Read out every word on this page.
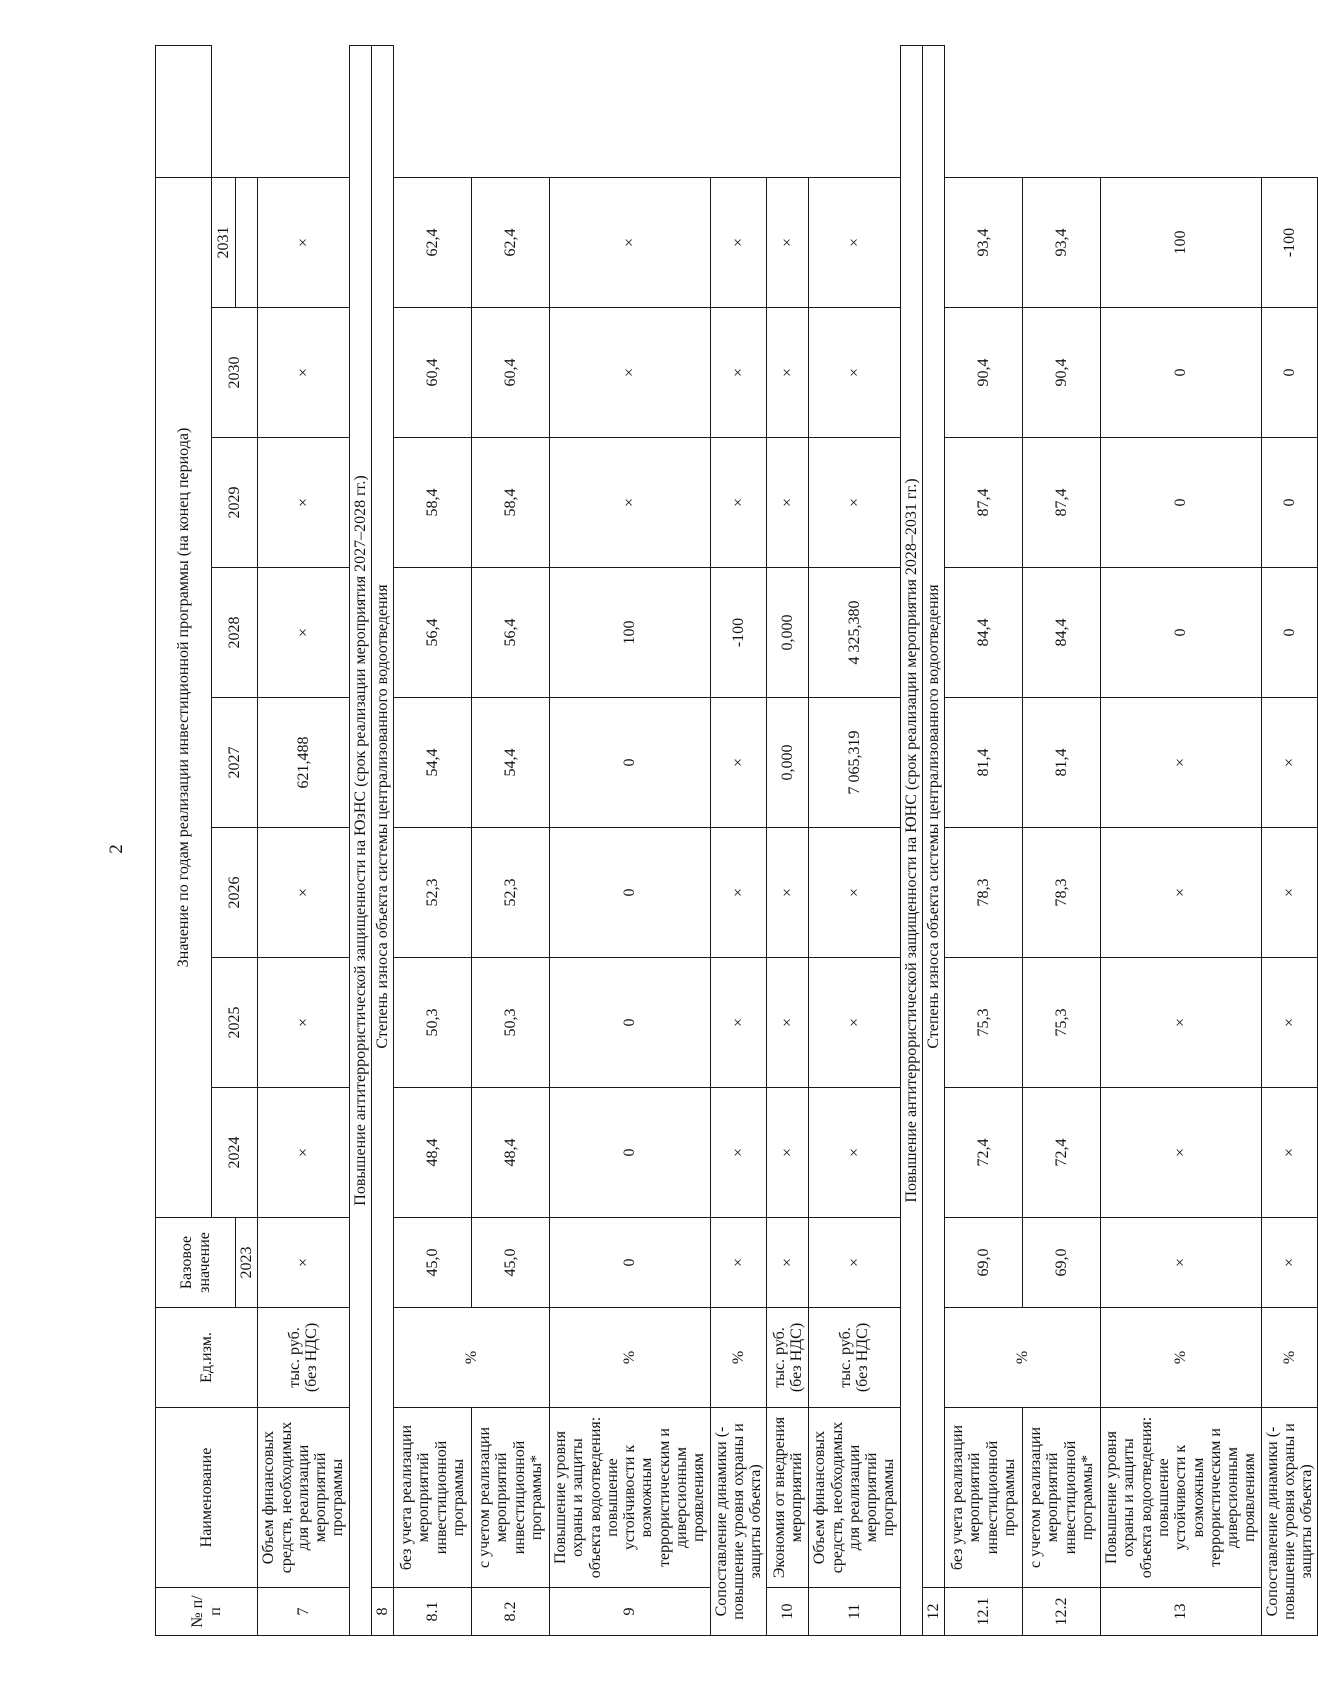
2
№ п/п	Наименование	Ед.изм.	Базовое значение	Значение по годам реализации инвестиционной программы (на конец периода)								
				2024	2025	2026	2027	2028	2029	2030	2031	
			2023									
7	Объем финансовых средств, необходимых для реализации мероприятий программы	тыс. руб. (без НДС)	×	×	×	×	621,488	×	×	×	×	
Повышение антитеррористической защищенности на ЮзНС (срок реализации мероприятия 2027–2028 гг.)												
8	Степень износа объекта системы централизованного водоотведения											
8.1	без учета реализации мероприятий инвестиционной программы	%	45,0	48,4	50,3	52,3	54,4	56,4	58,4	60,4	62,4	
8.2	с учетом реализации мероприятий инвестиционной программы*		45,0	48,4	50,3	52,3	54,4	56,4	58,4	60,4	62,4	
9	Повышение уровня охраны и защиты объекта водоотведения: повышение устойчивости к возможным террористическим и диверсионным проявлениям	%	0	0	0	0	0	100	×	×	×	
Сопоставление динамики (- повышение уровня охраны и защиты объекта)		%	×	×	×	×	×	-100	×	×	×	
10	Экономия от внедрения мероприятий	тыс. руб. (без НДС)	×	×	×	×	0,000	0,000	×	×	×	
11	Объем финансовых средств, необходимых для реализации мероприятий программы	тыс. руб. (без НДС)	×	×	×	×	7 065,319	4 325,380	×	×	×	
Повышение антитеррористической защищенности на ЮНС (срок реализации мероприятия 2028–2031 гг.)												
12	Степень износа объекта системы централизованного водоотведения											
12.1	без учета реализации мероприятий инвестиционной программы	%	69,0	72,4	75,3	78,3	81,4	84,4	87,4	90,4	93,4	
12.2	с учетом реализации мероприятий инвестиционной программы*		69,0	72,4	75,3	78,3	81,4	84,4	87,4	90,4	93,4	
13	Повышение уровня охраны и защиты объекта водоотведения: повышение устойчивости к возможным террористическим и диверсионным проявлениям	%	×	×	×	×	×	0	0	0	100	
Сопоставление динамики (- повышение уровня охраны и защиты объекта)		%	×	×	×	×	×	0	0	0	-100	
